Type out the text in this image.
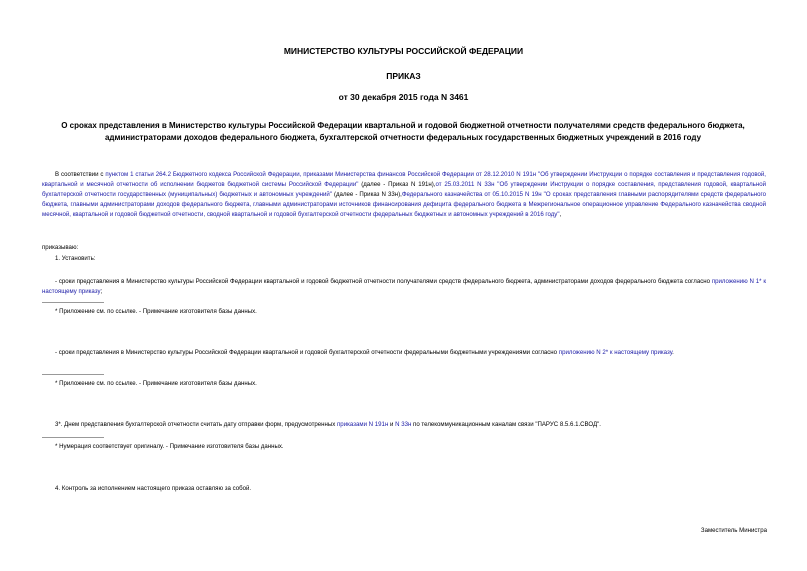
МИНИСТЕРСТВО КУЛЬТУРЫ РОССИЙСКОЙ ФЕДЕРАЦИИ
ПРИКАЗ
от 30 декабря 2015 года N 3461
О сроках представления в Министерство культуры Российской Федерации квартальной и годовой бюджетной отчетности получателями средств федерального бюджета, администраторами доходов федерального бюджета, бухгалтерской отчетности федеральных государственных бюджетных учреждений в 2016 году
В соответствии с пунктом 1 статьи 264.2 Бюджетного кодекса Российской Федерации, приказами Министерства финансов Российской Федерации от 28.12.2010 N 191н "Об утверждении Инструкции о порядке составления и представления годовой, квартальной и месячной отчетности об исполнении бюджетов бюджетной системы Российской Федерации" (далее - Приказ N 191н),от 25.03.2011 N 33н "Об утверждении Инструкции о порядке составления, представления годовой, квартальной бухгалтерской отчетности государственных (муниципальных) бюджетных и автономных учреждений" (далее - Приказ N 33н),Федерального казначейства от 05.10.2015 N 19н "О сроках представления главными распорядителями средств федерального бюджета, главными администраторами доходов федерального бюджета, главными администраторами источников финансирования дефицита федерального бюджета в Межрегиональное операционное управление Федерального казначейства сводной месячной, квартальной и годовой бюджетной отчетности, сводной квартальной и годовой бухгалтерской отчетности федеральных бюджетных и автономных учреждений в 2016 году",
приказываю:
1. Установить:
- сроки представления в Министерство культуры Российской Федерации квартальной и годовой бюджетной отчетности получателями средств федерального бюджета, администраторами доходов федерального бюджета согласно приложению N 1* к настоящему приказу;
* Приложение см. по ссылке. - Примечание изготовителя базы данных.
- сроки представления в Министерство культуры Российской Федерации квартальной и годовой бухгалтерской отчетности федеральными бюджетными учреждениями согласно приложению N 2* к настоящему приказу.
* Приложение см. по ссылке. - Примечание изготовителя базы данных.
3*. Днем представления бухгалтерской отчетности считать дату отправки форм, предусмотренных приказами N 191н и N 33н по телекоммуникационным каналам связи "ПАРУС 8.5.6.1.СВОД".
* Нумерация соответствует оригиналу. - Примечание изготовителя базы данных.
4. Контроль за исполнением настоящего приказа оставляю за собой.
Заместитель Министра
